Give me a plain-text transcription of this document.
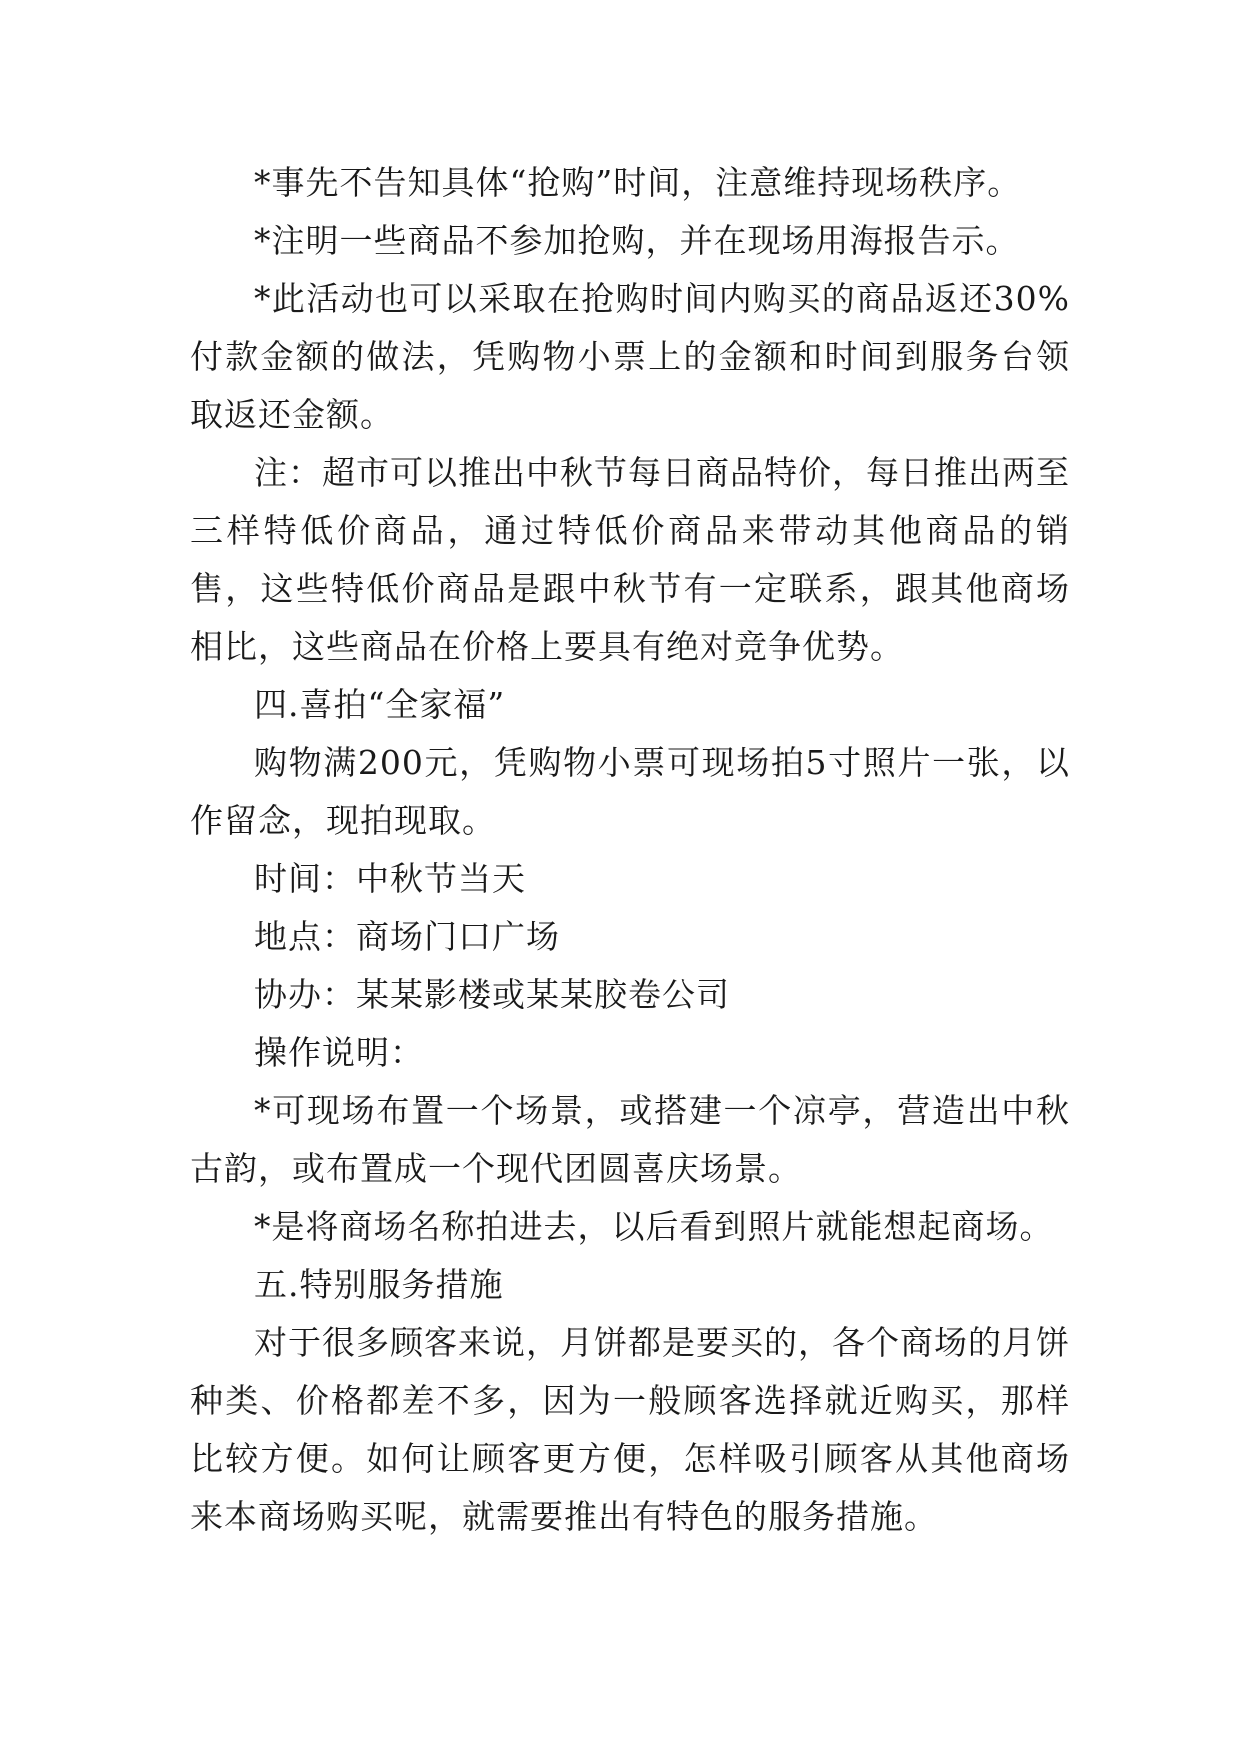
*事先不告知具体“抢购”时间，注意维持现场秩序。

*注明一些商品不参加抢购，并在现场用海报告示。

*此活动也可以采取在抢购时间内购买的商品返还30%付款金额的做法，凭购物小票上的金额和时间到服务台领取返还金额。

注：超市可以推出中秋节每日商品特价，每日推出两至三样特低价商品，通过特低价商品来带动其他商品的销售，这些特低价商品是跟中秋节有一定联系，跟其他商场相比，这些商品在价格上要具有绝对竞争优势。

四.喜拍“全家福”

购物满200元，凭购物小票可现场拍5寸照片一张，以作留念，现拍现取。

时间：中秋节当天

地点：商场门口广场

协办：某某影楼或某某胶卷公司

操作说明：

*可现场布置一个场景，或搭建一个凉亭，营造出中秋古韵，或布置成一个现代团圆喜庆场景。

*是将商场名称拍进去，以后看到照片就能想起商场。

五.特别服务措施

对于很多顾客来说，月饼都是要买的，各个商场的月饼种类、价格都差不多，因为一般顾客选择就近购买，那样比较方便。如何让顾客更方便，怎样吸引顾客从其他商场来本商场购买呢，就需要推出有特色的服务措施。
